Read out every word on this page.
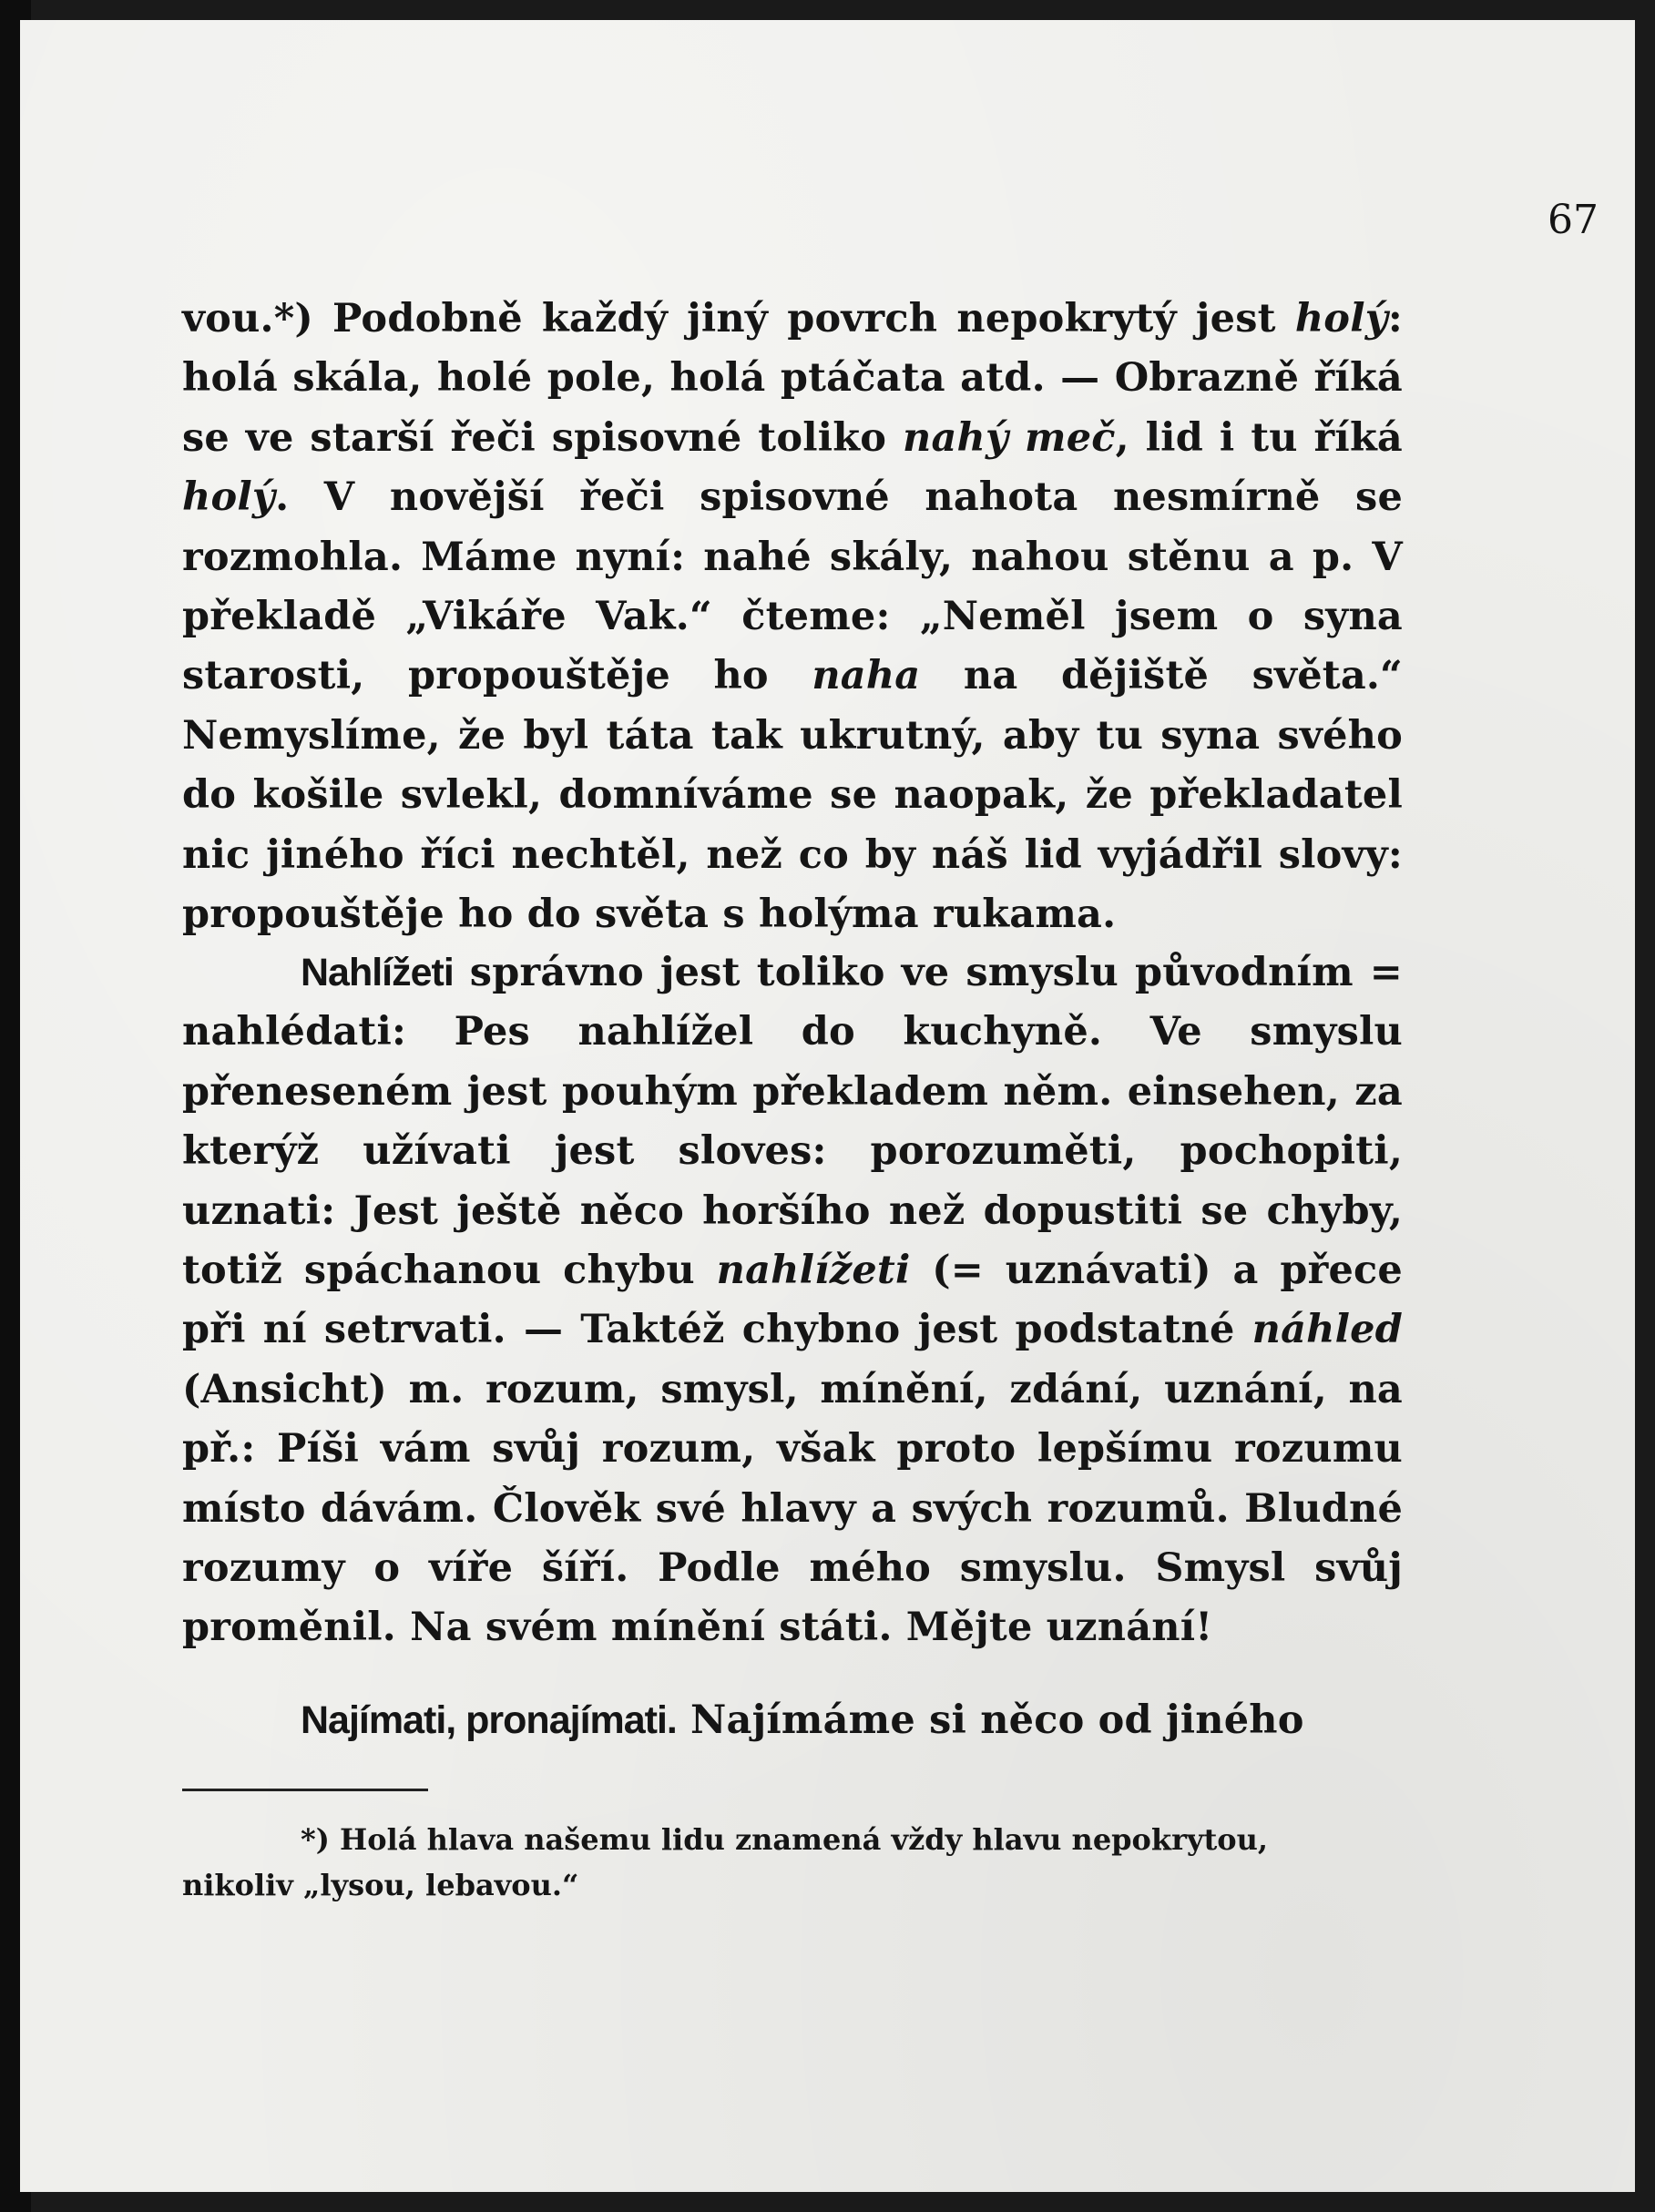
67

vou.*) Podobně každý jiný povrch nepokrytý jest holý: holá skála, holé pole, holá ptáčata atd. — Obrazně říká se ve starší řeči spisovné toliko nahý meč, lid i tu říká holý. V novější řeči spisovné nahota nesmírně se rozmohla. Máme nyní: nahé skály, nahou stěnu a p. V překladě „Vikáře Vak.“ čteme: „Neměl jsem o syna starosti, propouštěje ho naha na dějiště světa.“ Nemyslíme, že byl táta tak ukrutný, aby tu syna svého do košile svlekl, domníváme se naopak, že překladatel nic jiného říci nechtěl, než co by náš lid vyjádřil slovy: propouštěje ho do světa s holýma rukama.

Nahlížeti správno jest toliko ve smyslu původním = nahlédati: Pes nahlížel do kuchyně. Ve smyslu přeneseném jest pouhým překladem něm. einsehen, za kterýž užívati jest sloves: porozuměti, pochopiti, uznati: Jest ještě něco horšího než dopustiti se chyby, totiž spáchanou chybu nahlížeti (= uznávati) a přece při ní setrvati. — Taktéž chybno jest podstatné náhled (Ansicht) m. rozum, smysl, mínění, zdání, uznání, na př.: Píši vám svůj rozum, však proto lepšímu rozumu místo dávám. Člověk své hlavy a svých rozumů. Bludné rozumy o víře šíří. Podle mého smyslu. Smysl svůj proměnil. Na svém mínění státi. Mějte uznání!

Najímati, pronajímati. Najímáme si něco od jiného

*) Holá hlava našemu lidu znamená vždy hlavu nepokrytou,
nikoliv „lysou, lebavou.“
